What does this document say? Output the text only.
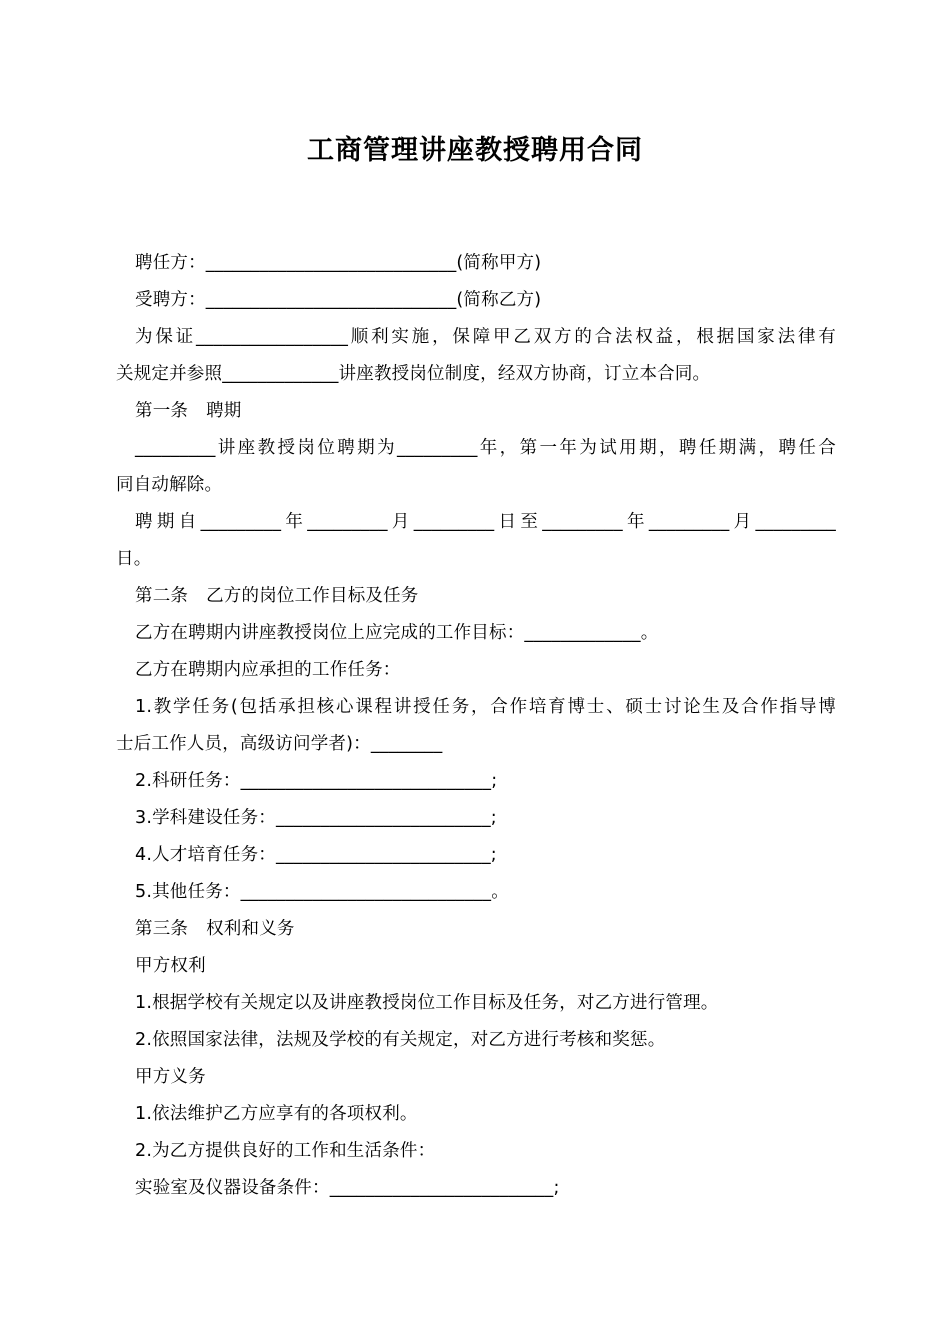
工商管理讲座教授聘用合同

聘任方：____________________________(简称甲方)

受聘方：____________________________(简称乙方)

为保证_________________顺利实施，保障甲乙双方的合法权益，根据国家法律有

关规定并参照_____________讲座教授岗位制度，经双方协商，订立本合同。

第一条 聘期

_________讲座教授岗位聘期为_________年，第一年为试用期，聘任期满，聘任合

同自动解除。

聘期自_________年_________月_________日至_________年_________月_________

日。

第二条 乙方的岗位工作目标及任务

乙方在聘期内讲座教授岗位上应完成的工作目标：_____________。

乙方在聘期内应承担的工作任务：

1.教学任务(包括承担核心课程讲授任务，合作培育博士、硕士讨论生及合作指导博

士后工作人员，高级访问学者)：________

2.科研任务：____________________________;

3.学科建设任务：________________________;

4.人才培育任务：________________________;

5.其他任务：____________________________。

第三条 权利和义务

甲方权利

1.根据学校有关规定以及讲座教授岗位工作目标及任务，对乙方进行管理。

2.依照国家法律，法规及学校的有关规定，对乙方进行考核和奖惩。

甲方义务

1.依法维护乙方应享有的各项权利。

2.为乙方提供良好的工作和生活条件：

实验室及仪器设备条件：_________________________;
